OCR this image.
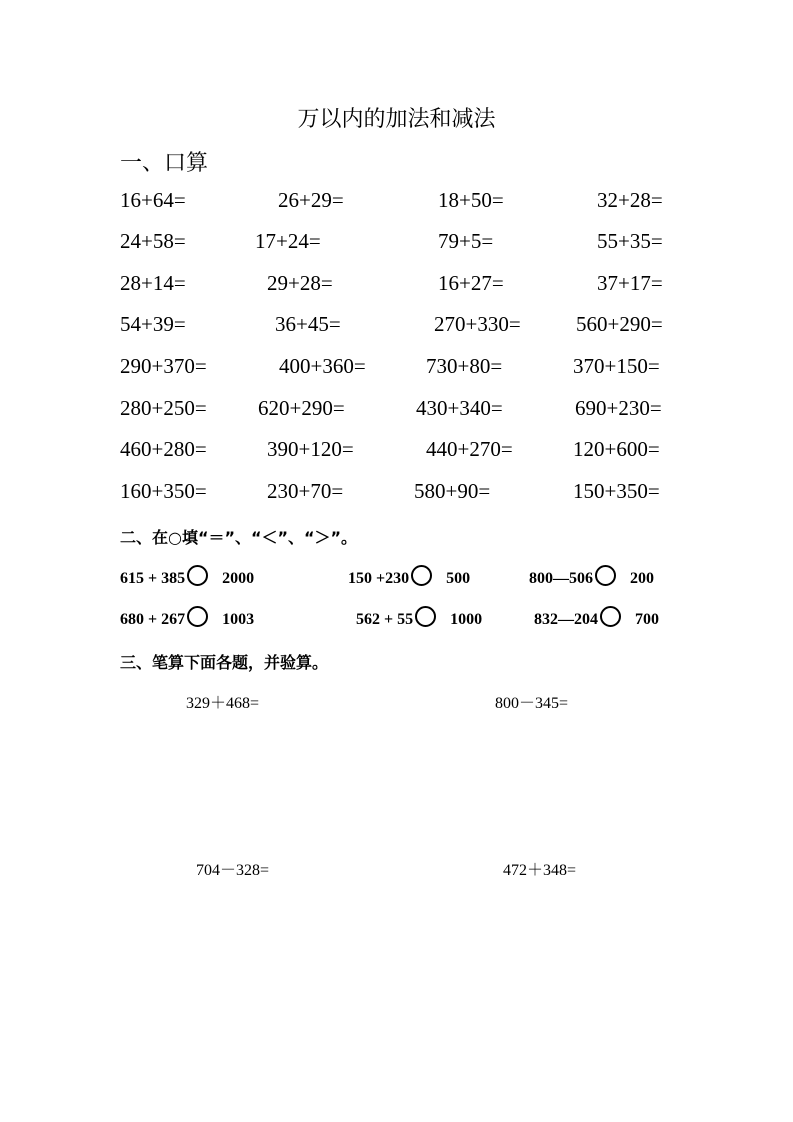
万以内的加法和减法
一、口算
16+64=	26+29=	18+50=	32+28=
24+58=	17+24=	79+5=	55+35=
28+14=	29+28=	16+27=	37+17=
54+39=	36+45=	270+330=	560+290=
290+370=	400+360=	730+80=	370+150=
280+250= 620+290=	430+340=	690+230=
460+280=	390+120=	440+270=	120+600=
160+350=	230+70=	580+90=	150+350=
二、在○填“＝”、“＜”、“＞”。
615 + 385 2000	150 +230 500	800—506 200
680 + 267 1003	562 + 55 1000	832—204 700
三、笔算下面各题，并验算。
329＋468=	800－345=
704－328=	472＋348=
